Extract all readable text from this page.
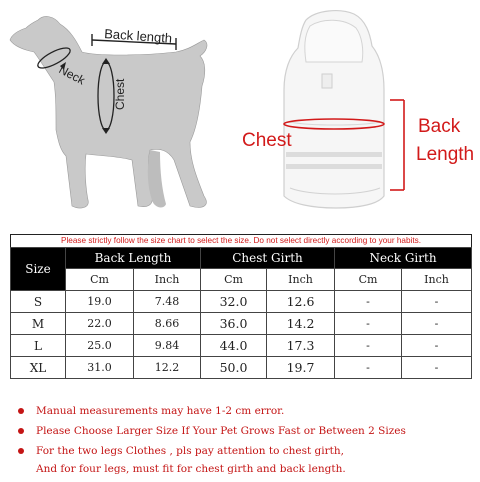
Back length
Neck
Chest
Chest
Back
Length
Please strictly follow the size chart to select the size. Do not select directly according to your habits.
Size	Back Length		Chest Girth		Neck Girth	
	Cm	Inch	Cm	Inch	Cm	Inch
S	19.0	7.48	32.0	12.6	-	-
M	22.0	8.66	36.0	14.2	-	-
L	25.0	9.84	44.0	17.3	-	-
XL	31.0	12.2	50.0	19.7	-	-
Manual measurements may have 1-2 cm error.
Please Choose Larger Size If Your Pet Grows Fast or Between 2 Sizes
For the two legs Clothes , pls pay attention to chest girth,
And for four legs, must fit for chest girth and back length.
